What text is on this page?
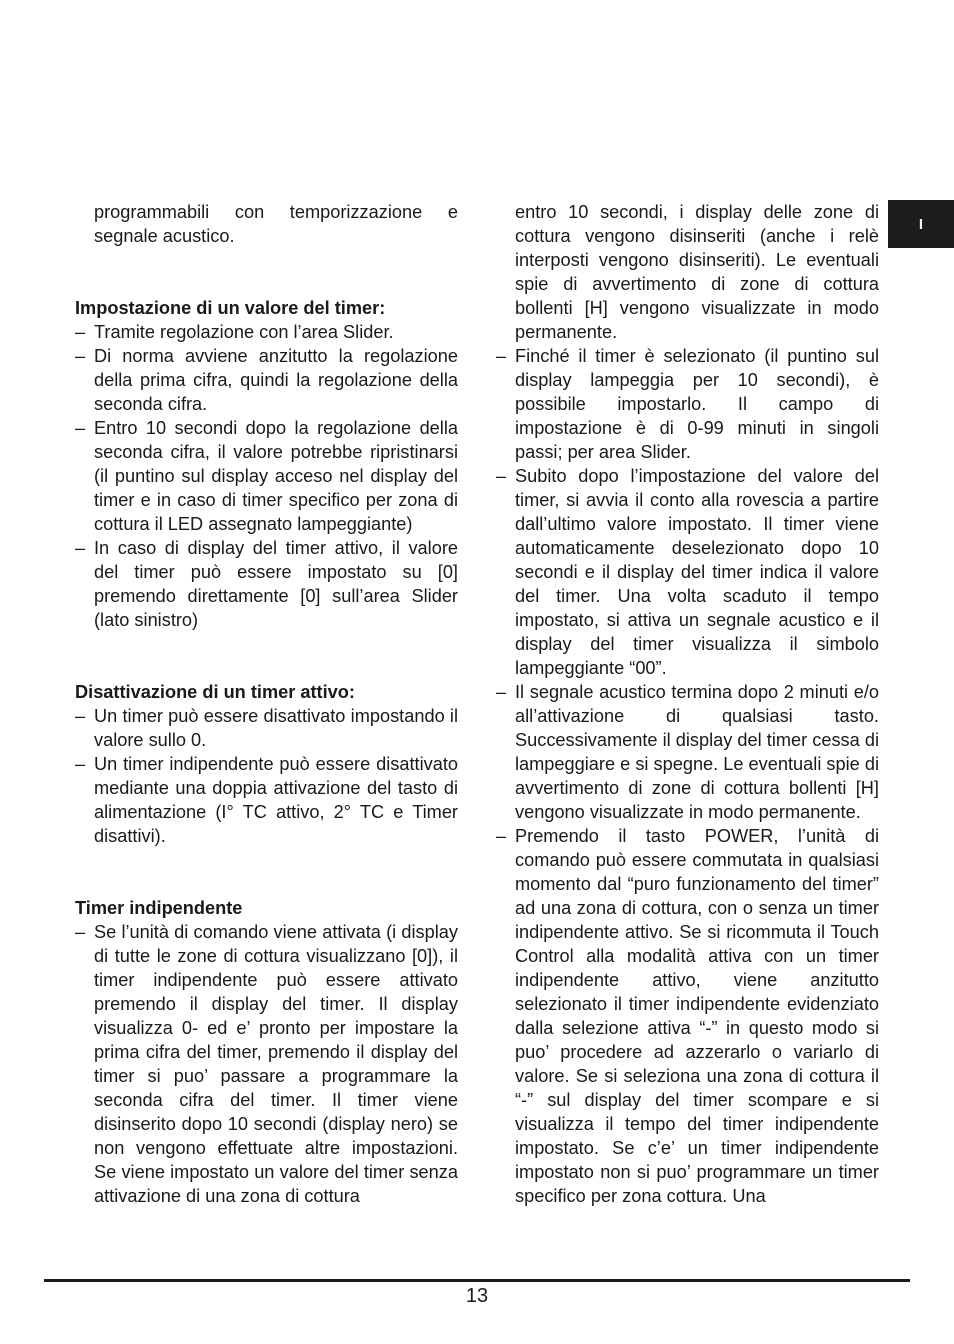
I

programmabili con temporizzazione e segnale acustico.

Impostazione di un valore del timer:

– Tramite regolazione con l’area Slider.
– Di norma avviene anzitutto la regolazione della prima cifra, quindi la regolazione della seconda cifra.
– Entro 10 secondi dopo la regolazione della seconda cifra, il valore potrebbe ripristinarsi (il puntino sul display acceso nel display del timer e in caso di timer specifico per zona di cottura il LED assegnato lampeggiante)
– In caso di display del timer attivo, il valore del timer può essere impostato su [0] premendo direttamente [0] sull’area Slider (lato sinistro)

Disattivazione di un timer attivo:

– Un timer può essere disattivato impostando il valore sullo 0.
– Un timer indipendente può essere disattivato mediante una doppia attivazione del tasto di alimentazione (I° TC attivo, 2° TC e Timer disattivi).

Timer indipendente

– Se l’unità di comando viene attivata (i display di tutte le zone di cottura visualizzano [0]), il timer indipendente può essere attivato premendo il display del timer. Il display visualizza 0- ed e’ pronto per impostare la prima cifra del timer, premendo il display del timer si puo’ passare a programmare la seconda cifra del timer. Il timer viene disinserito dopo 10 secondi (display nero) se non vengono effettuate altre impostazioni. Se viene impostato un valore del timer senza attivazione di una zona di cottura

entro 10 secondi, i display delle zone di cottura vengono disinseriti (anche i relè interposti vengono disinseriti). Le eventuali spie di avvertimento di zone di cottura bollenti [H] vengono visualizzate in modo permanente.

– Finché il timer è selezionato (il puntino sul display lampeggia per 10 secondi), è possibile impostarlo. Il campo di impostazione è di 0-99 minuti in singoli passi; per area Slider.
– Subito dopo l’impostazione del valore del timer, si avvia il conto alla rovescia a partire dall’ultimo valore impostato. Il timer viene automaticamente deselezionato dopo 10 secondi e il display del timer indica il valore del timer. Una volta scaduto il tempo impostato, si attiva un segnale acustico e il display del timer visualizza il simbolo lampeggiante “00”.
– Il segnale acustico termina dopo 2 minuti e/o all’attivazione di qualsiasi tasto. Successivamente il display del timer cessa di lampeggiare e si spegne. Le eventuali spie di avvertimento di zone di cottura bollenti [H] vengono visualizzate in modo permanente.
– Premendo il tasto POWER, l’unità di comando può essere commutata in qualsiasi momento dal “puro funzionamento del timer” ad una zona di cottura, con o senza un timer indipendente attivo. Se si ricommuta il Touch Control alla modalità attiva con un timer indipendente attivo, viene anzitutto selezionato il timer indipendente evidenziato dalla selezione attiva “-” in questo modo si puo’ procedere ad azzerarlo o variarlo di valore. Se si seleziona una zona di cottura il “-” sul display del timer scompare e si visualizza il tempo del timer indipendente impostato. Se c’e’ un timer indipendente impostato non si puo’ programmare un timer specifico per zona cottura. Una
13
